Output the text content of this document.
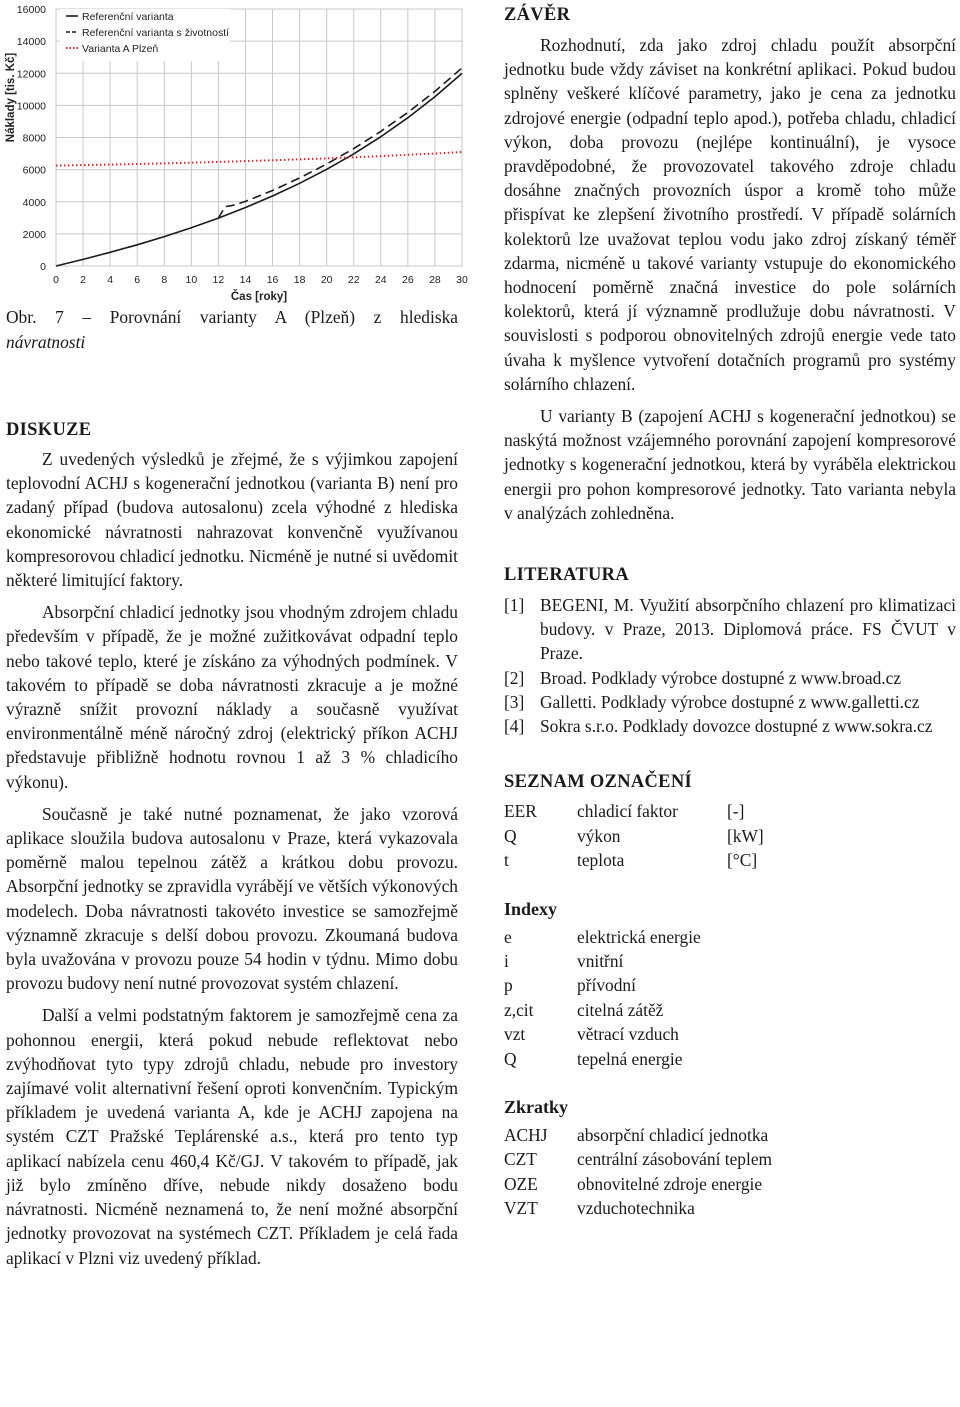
0
2000
4000
6000
8000
10000
12000
14000
16000
0 2 4 6 8 10 12 14 16 18 20 22 24 26 28 30
Čas [roky]
Náklady [tis. Kč]
Referenční varianta
Referenční varianta s životností
Varianta A Plzeň
Obr. 7 – Porovnání varianty A (Plzeň) z hlediska
návratnosti
DISKUZE

Z uvedených výsledků je zřejmé, že s výjimkou zapojení teplovodní ACHJ s kogenerační jednotkou (varianta B) není pro zadaný případ (budova autosalonu) zcela výhodné z hlediska ekonomické návratnosti nahrazovat konvenčně využívanou kompresorovou chladicí jednotku. Nicméně je nutné si uvědomit některé limitující faktory.

Absorpční chladicí jednotky jsou vhodným zdrojem chladu především v případě, že je možné zužitkovávat odpadní teplo nebo takové teplo, které je získáno za výhodných podmínek. V takovém to případě se doba návratnosti zkracuje a je možné výrazně snížit provozní náklady a současně využívat environmentálně méně náročný zdroj (elektrický příkon ACHJ představuje přibližně hodnotu rovnou 1 až 3 % chladicího výkonu).

Současně je také nutné poznamenat, že jako vzorová aplikace sloužila budova autosalonu v Praze, která vykazovala poměrně malou tepelnou zátěž a krátkou dobu provozu. Absorpční jednotky se zpravidla vyrábějí ve větších výkonových modelech. Doba návratnosti takovéto investice se samozřejmě významně zkracuje s delší dobou provozu. Zkoumaná budova byla uvažována v provozu pouze 54 hodin v týdnu. Mimo dobu provozu budovy není nutné provozovat systém chlazení.

Další a velmi podstatným faktorem je samozřejmě cena za pohonnou energii, která pokud nebude reflektovat nebo zvýhodňovat tyto typy zdrojů chladu, nebude pro investory zajímavé volit alternativní řešení oproti konvenčním. Typickým příkladem je uvedená varianta A, kde je ACHJ zapojena na systém CZT Pražské Teplárenské a.s., která pro tento typ aplikací nabízela cenu 460,4 Kč/GJ. V takovém to případě, jak již bylo zmíněno dříve, nebude nikdy dosaženo bodu návratnosti. Nicméně neznamená to, že není možné absorpční jednotky provozovat na systémech CZT. Příkladem je celá řada aplikací v Plzni viz uvedený příklad.

ZÁVĚR

Rozhodnutí, zda jako zdroj chladu použít absorpční jednotku bude vždy záviset na konkrétní aplikaci. Pokud budou splněny veškeré klíčové parametry, jako je cena za jednotku zdrojové energie (odpadní teplo apod.), potřeba chladu, chladicí výkon, doba provozu (nejlépe kontinuální), je vysoce pravděpodobné, že provozovatel takového zdroje chladu dosáhne značných provozních úspor a kromě toho může přispívat ke zlepšení životního prostředí. V případě solárních kolektorů lze uvažovat teplou vodu jako zdroj získaný téměř zdarma, nicméně u takové varianty vstupuje do ekonomického hodnocení poměrně značná investice do pole solárních kolektorů, která jí významně prodlužuje dobu návratnosti. V souvislosti s podporou obnovitelných zdrojů energie vede tato úvaha k myšlence vytvoření dotačních programů pro systémy solárního chlazení.

U varianty B (zapojení ACHJ s kogenerační jednotkou) se naskýtá možnost vzájemného porovnání zapojení kompresorové jednotky s kogenerační jednotkou, která by vyráběla elektrickou energii pro pohon kompresorové jednotky. Tato varianta nebyla v analýzách zohledněna.

LITERATURA
[1] BEGENI, M. Využití absorpčního chlazení pro klimatizaci budovy. v Praze, 2013. Diplomová práce. FS ČVUT v Praze.
[2] Broad. Podklady výrobce dostupné z www.broad.cz
[3] Galletti. Podklady výrobce dostupné z www.galletti.cz
[4] Sokra s.r.o. Podklady dovozce dostupné z www.sokra.cz
SEZNAM OZNAČENÍ
EER	chladicí faktor	[-]
Q	výkon	[kW]
t	teplota	[°C]
Indexy
e	elektrická energie
i	vnitřní
p	přívodní
z,cit	citelná zátěž
vzt	větrací vzduch
Q	tepelná energie
Zkratky
ACHJ	absorpční chladicí jednotka
CZT	centrální zásobování teplem
OZE	obnovitelné zdroje energie
VZT	vzduchotechnika
